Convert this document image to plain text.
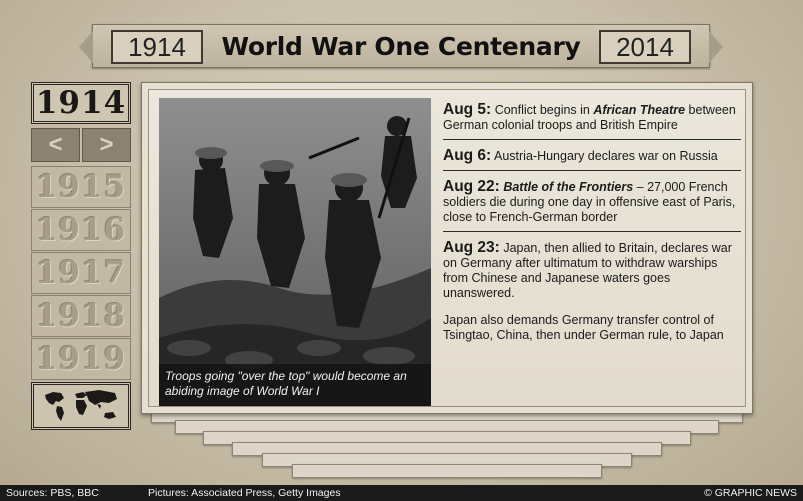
1914	World War One Centenary	2014
1914
<	>
1915
1916
1917
1918
1919	Troops going "over the top" would become an abiding image of World War I
Aug 5: Conflict begins in African Theatre between German colonial troops and British Empire
Aug 6: Austria-Hungary declares war on Russia
Aug 22: Battle of the Frontiers – 27,000 French soldiers die during one day in offensive east of Paris, close to French-German border
Aug 23: Japan, then allied to Britain, declares war on Germany after ultimatum to withdraw warships from Chinese and Japanese waters goes unanswered.
Japan also demands Germany transfer control of Tsingtao, China, then under German rule, to Japan
Sources: PBS, BBC	Pictures: Associated Press, Getty Images	© GRAPHIC NEWS
